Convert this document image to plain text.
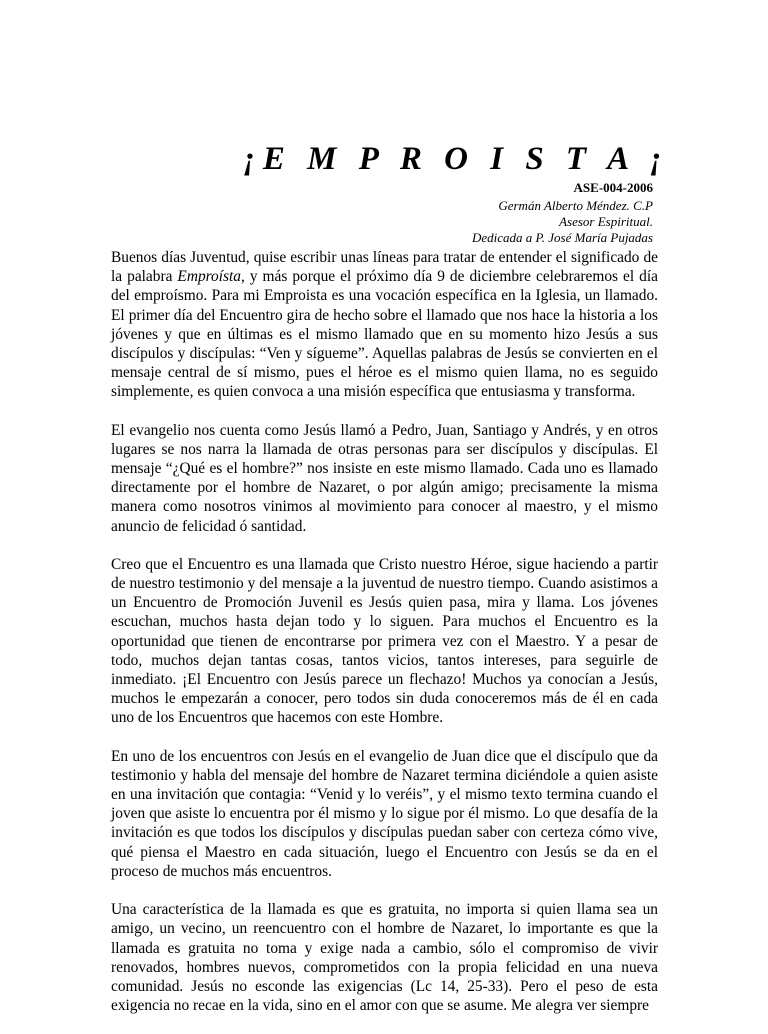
¡E M P R O I S T A ¡
ASE-004-2006
Germán Alberto Méndez. C.P
Asesor Espiritual.
Dedicada a P. José María Pujadas

Buenos días Juventud, quise escribir unas líneas para tratar de entender el significado de la palabra Emproísta, y más porque el próximo día 9 de diciembre celebraremos el día del emproísmo. Para mi Emproista es una vocación específica en la Iglesia, un llamado. El primer día del Encuentro gira de hecho sobre el llamado que nos hace la historia a los jóvenes y que en últimas es el mismo llamado que en su momento hizo Jesús a sus discípulos y discípulas: “Ven y sígueme”. Aquellas palabras de Jesús se convierten en el mensaje central de sí mismo, pues el héroe es el mismo quien llama, no es seguido simplemente, es quien convoca a una misión específica que entusiasma y transforma.

El evangelio nos cuenta como Jesús llamó a Pedro, Juan, Santiago y Andrés, y en otros lugares se nos narra la llamada de otras personas para ser discípulos y discípulas. El mensaje “¿Qué es el hombre?” nos insiste en este mismo llamado. Cada uno es llamado directamente por el hombre de Nazaret, o por algún amigo; precisamente la misma manera como nosotros vinimos al movimiento para conocer al maestro, y el mismo anuncio de felicidad ó santidad.

Creo que el Encuentro es una llamada que Cristo nuestro Héroe, sigue haciendo a partir de nuestro testimonio y del mensaje a la juventud de nuestro tiempo. Cuando asistimos a un Encuentro de Promoción Juvenil es Jesús quien pasa, mira y llama. Los jóvenes escuchan, muchos hasta dejan todo y lo siguen. Para muchos el Encuentro es la oportunidad que tienen de encontrarse por primera vez con el Maestro. Y a pesar de todo, muchos dejan tantas cosas, tantos vicios, tantos intereses, para seguirle de inmediato. ¡El Encuentro con Jesús parece un flechazo! Muchos ya conocían a Jesús, muchos le empezarán a conocer, pero todos sin duda conoceremos más de él en cada uno de los Encuentros que hacemos con este Hombre.

En uno de los encuentros con Jesús en el evangelio de Juan dice que el discípulo que da testimonio y habla del mensaje del hombre de Nazaret termina diciéndole a quien asiste en una invitación que contagia: “Venid y lo veréis”, y el mismo texto termina cuando el joven que asiste lo encuentra por él mismo y lo sigue por él mismo. Lo que desafía de la invitación es que todos los discípulos y discípulas puedan saber con certeza cómo vive, qué piensa el Maestro en cada situación, luego el Encuentro con Jesús se da en el proceso de muchos más encuentros.

Una característica de la llamada es que es gratuita, no importa si quien llama sea un amigo, un vecino, un reencuentro con el hombre de Nazaret, lo importante es que la llamada es gratuita no toma y exige nada a cambio, sólo el compromiso de vivir renovados, hombres nuevos, comprometidos con la propia felicidad en una nueva comunidad. Jesús no esconde las exigencias (Lc 14, 25-33). Pero el peso de esta exigencia no recae en la vida, sino en el amor con que se asume. Me alegra ver siempre
